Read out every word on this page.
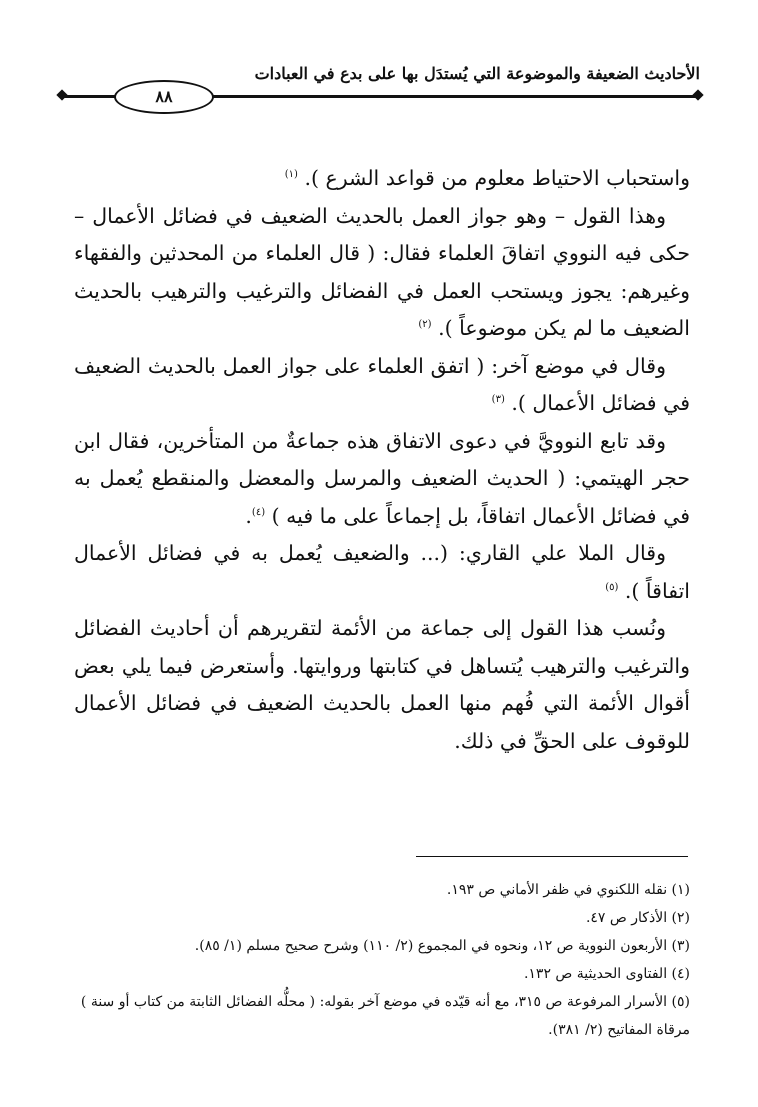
الأحاديث الضعيفة والموضوعة التي يُستدَل بها على بدع في العبادات
٨٨

واستحباب الاحتياط معلوم من قواعد الشرع ). $^{(١)}$

وهذا القول – وهو جواز العمل بالحديث الضعيف في فضائل الأعمال – حكى فيه النووي اتفاقَ العلماء فقال: ( قال العلماء من المحدثين والفقهاء وغيرهم: يجوز ويستحب العمل في الفضائل والترغيب والترهيب بالحديث الضعيف ما لم يكن موضوعاً ). $^{(٢)}$

وقال في موضع آخر: ( اتفق العلماء على جواز العمل بالحديث الضعيف في فضائل الأعمال ). $^{(٣)}$

وقد تابع النوويَّ في دعوى الاتفاق هذه جماعةٌ من المتأخرين، فقال ابن حجر الهيتمي: ( الحديث الضعيف والمرسل والمعضل والمنقطع يُعمل به في فضائل الأعمال اتفاقاً، بل إجماعاً على ما فيه ) $^{(٤)}$.

وقال الملا علي القاري: (... والضعيف يُعمل به في فضائل الأعمال اتفاقاً ). $^{(٥)}$

ونُسب هذا القول إلى جماعة من الأئمة لتقريرهم أن أحاديث الفضائل والترغيب والترهيب يُتساهل في كتابتها وروايتها. وأستعرض فيما يلي بعض أقوال الأئمة التي فُهم منها العمل بالحديث الضعيف في فضائل الأعمال للوقوف على الحقِّ في ذلك.

(١) نقله اللكنوي في ظفر الأماني ص ١٩٣.

(٢) الأذكار ص ٤٧.

(٣) الأربعون النووية ص ١٢، ونحوه في المجموع (٢/ ١١٠) وشرح صحيح مسلم (١/ ٨٥).

(٤) الفتاوى الحديثية ص ١٣٢.

(٥) الأسرار المرفوعة ص ٣١٥، مع أنه قيّده في موضع آخر بقوله: ( محلُّه الفضائل الثابتة من كتاب أو سنة ) مرقاة المفاتيح (٢/ ٣٨١).
